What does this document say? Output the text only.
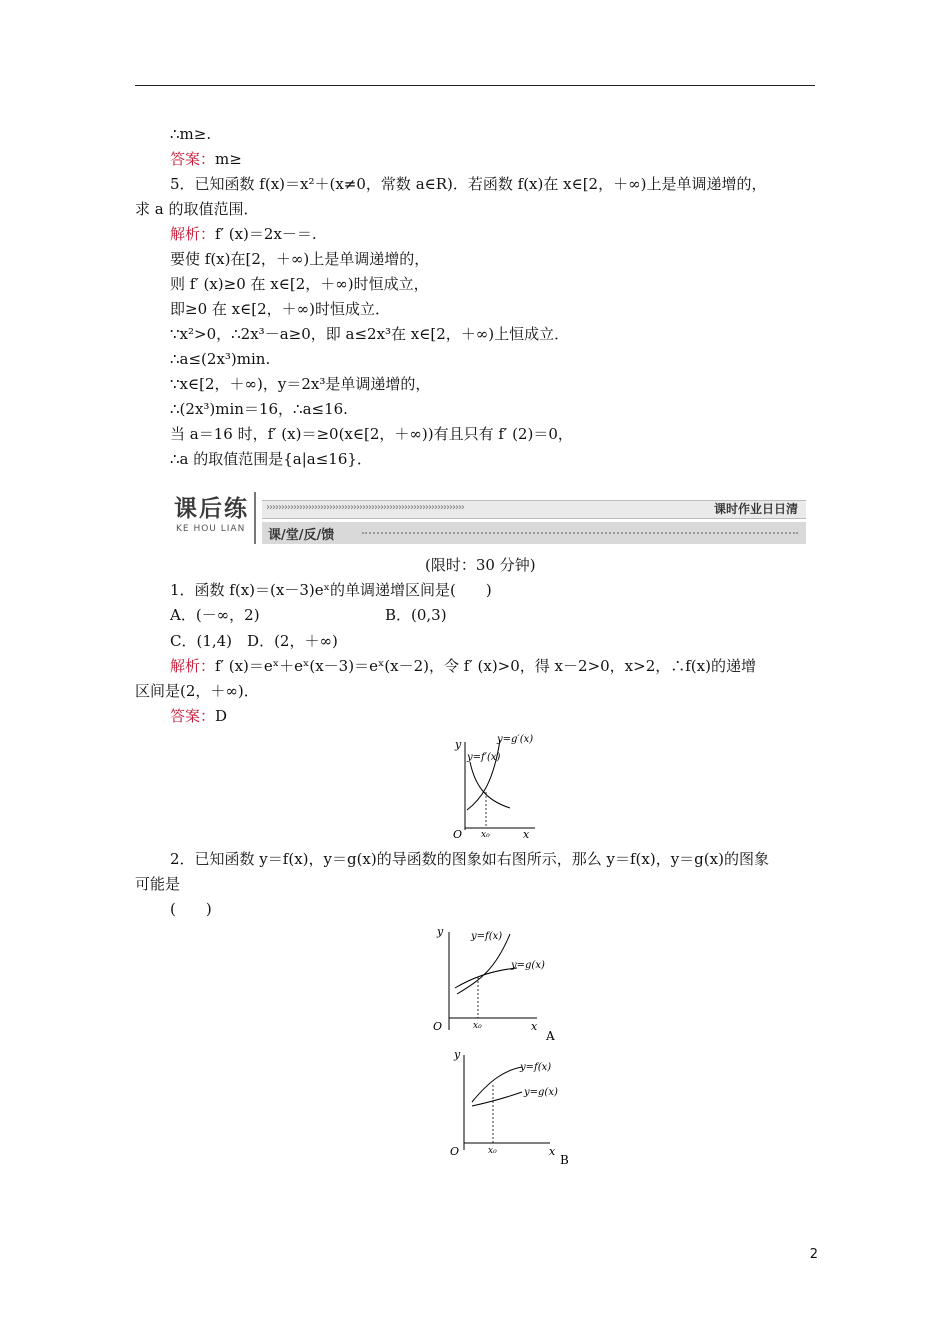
∴m≥.
答案：m≥
5．已知函数 f(x)＝x²＋(x≠0，常数 a∈R)．若函数 f(x)在 x∈[2，＋∞)上是单调递增的，
求 a 的取值范围．
解析：f′ (x)＝2x－＝.
要使 f(x)在[2，＋∞)上是单调递增的，
则 f′ (x)≥0 在 x∈[2，＋∞)时恒成立，
即≥0 在 x∈[2，＋∞)时恒成立．
∵x²>0，∴2x³－a≥0，即 a≤2x³在 x∈[2，＋∞)上恒成立．
∴a≤(2x³)min.
∵x∈[2，＋∞)，y＝2x³是单调递增的，
∴(2x³)min＝16，∴a≤16.
当 a＝16 时，f′ (x)＝≥0(x∈[2，＋∞))有且只有 f′ (2)＝0，
∴a 的取值范围是{a|a≤16}．
课后练
KE HOU LIAN
››››››››››››››››››››››››››››››››››››››››››››››››››››››››››››››››››	课时作业日日清
课/堂/反/馈
(限时：30 分钟)
1．函数 f(x)＝(x－3)eˣ的单调递增区间是(　　)
A．(－∞，2)	B．(0,3)
C．(1,4)　D．(2，＋∞)
解析：f′ (x)＝eˣ＋eˣ(x－3)＝eˣ(x－2)，令 f′ (x)>0，得 x－2>0，x>2，∴f(x)的递增
区间是(2，＋∞)．
答案：D
y
x
O x₀
y=g′(x)
y=f′(x)
2．已知函数 y＝f(x)，y＝g(x)的导函数的图象如右图所示，那么 y＝f(x)，y＝g(x)的图象
可能是
(　　)
y
x
O	x₀
y=f(x)
y=g(x)
A
y
x
O	x₀
y=f(x)
y=g(x)
B
2
